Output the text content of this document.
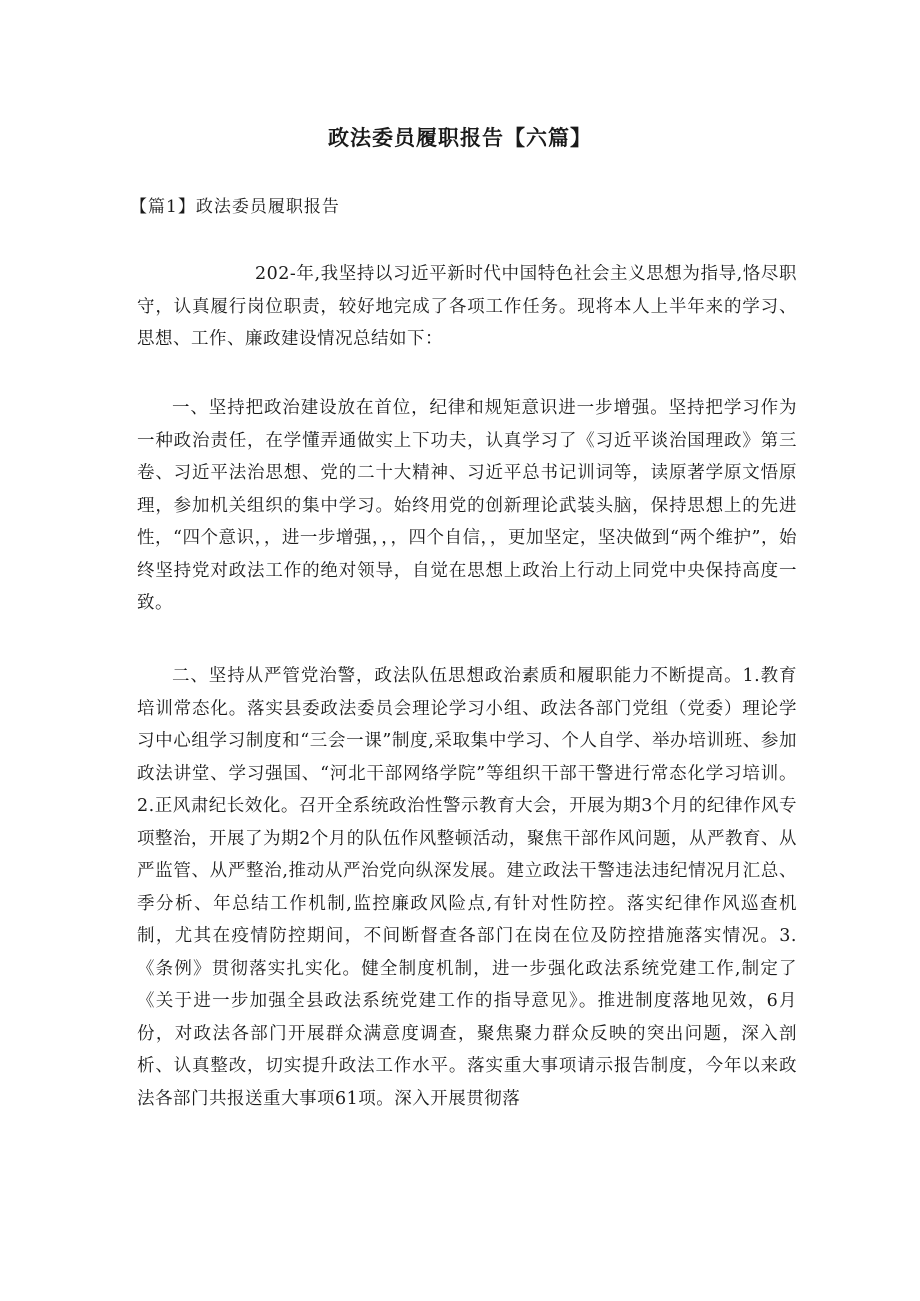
政法委员履职报告【六篇】

【篇1】政法委员履职报告

202-年,我坚持以习近平新时代中国特色社会主义思想为指导,恪尽职守，认真履行岗位职责，较好地完成了各项工作任务。现将本人上半年来的学习、思想、工作、廉政建设情况总结如下：

一、坚持把政治建设放在首位，纪律和规矩意识进一步增强。坚持把学习作为一种政治责任，在学懂弄通做实上下功夫，认真学习了《习近平谈治国理政》第三卷、习近平法治思想、党的二十大精神、习近平总书记训词等，读原著学原文悟原理，参加机关组织的集中学习。始终用党的创新理论武装头脑，保持思想上的先进性，“四个意识，，进一步增强，，，四个自信，，更加坚定，坚决做到“两个维护”，始终坚持党对政法工作的绝对领导，自觉在思想上政治上行动上同党中央保持高度一致。

二、坚持从严管党治警，政法队伍思想政治素质和履职能力不断提高。1.教育培训常态化。落实县委政法委员会理论学习小组、政法各部门党组（党委）理论学习中心组学习制度和“三会一课”制度,采取集中学习、个人自学、举办培训班、参加政法讲堂、学习强国、“河北干部网络学院”等组织干部干警进行常态化学习培训。2.正风肃纪长效化。召开全系统政治性警示教育大会，开展为期3个月的纪律作风专项整治，开展了为期2个月的队伍作风整顿活动，聚焦干部作风问题，从严教育、从严监管、从严整治,推动从严治党向纵深发展。建立政法干警违法违纪情况月汇总、季分析、年总结工作机制,监控廉政风险点,有针对性防控。落实纪律作风巡查机制，尤其在疫情防控期间，不间断督查各部门在岗在位及防控措施落实情况。3.《条例》贯彻落实扎实化。健全制度机制，进一步强化政法系统党建工作,制定了《关于进一步加强全县政法系统党建工作的指导意见》。推进制度落地见效，6月份，对政法各部门开展群众满意度调查，聚焦聚力群众反映的突出问题，深入剖析、认真整改，切实提升政法工作水平。落实重大事项请示报告制度，今年以来政法各部门共报送重大事项61项。深入开展贯彻落
